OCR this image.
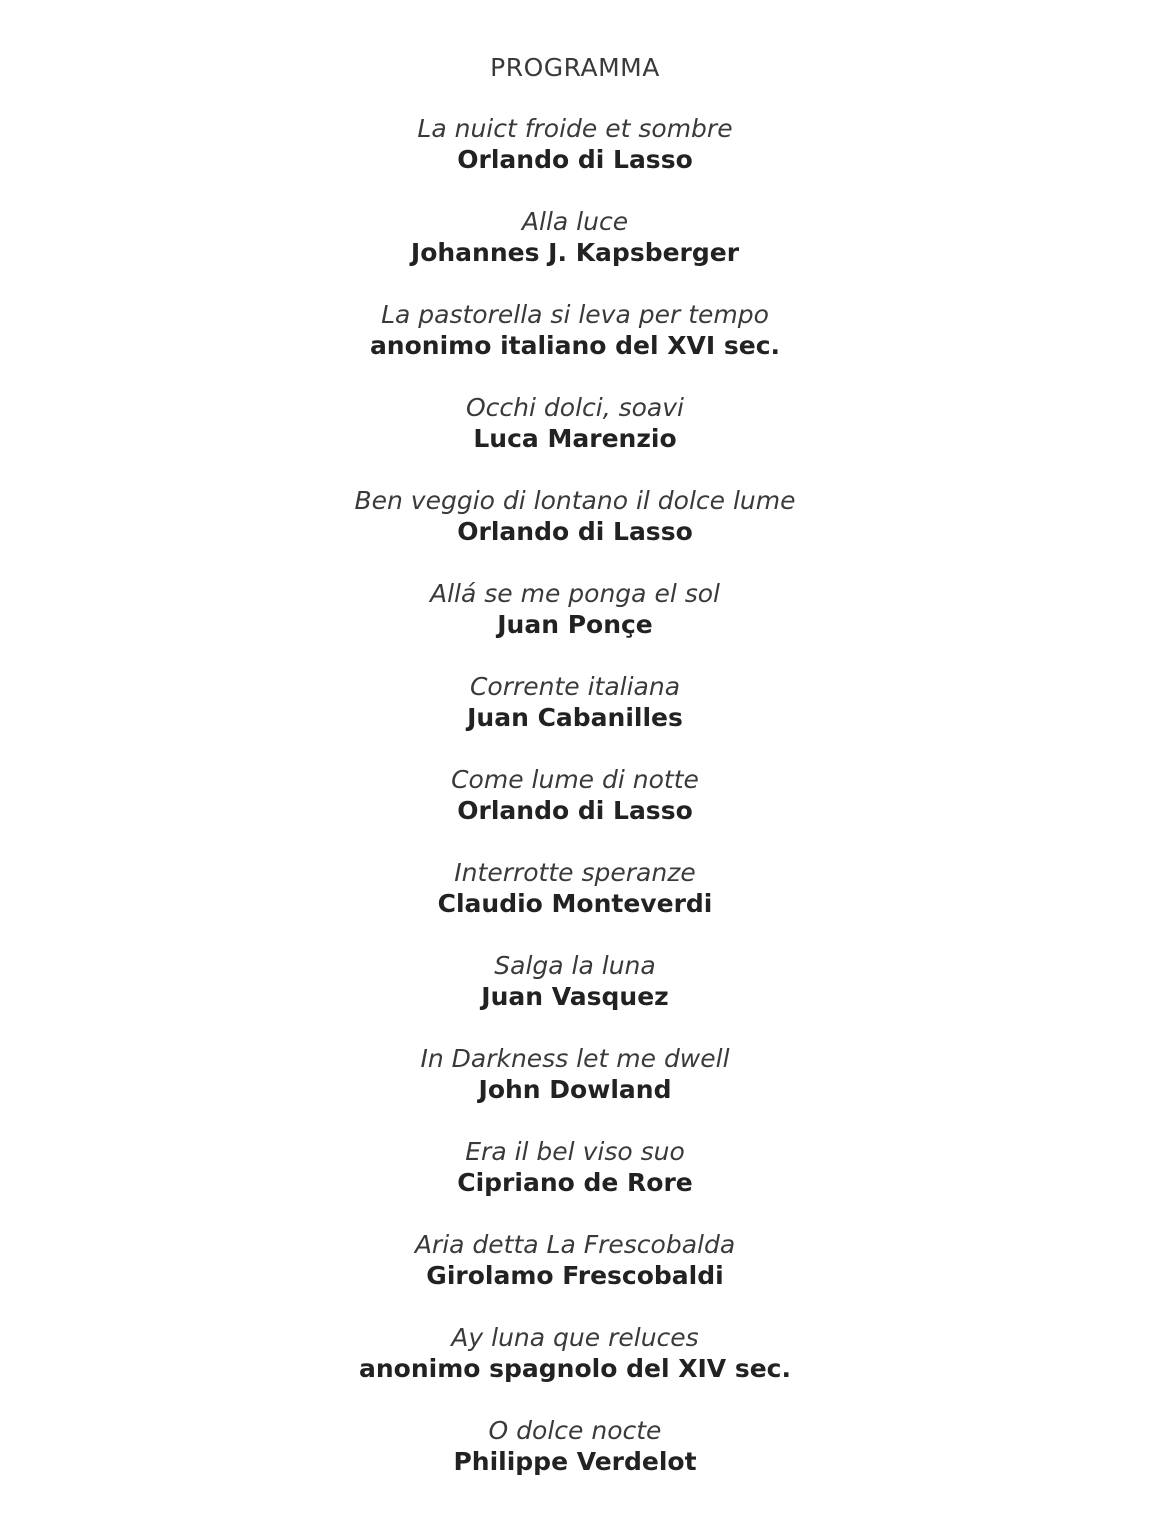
PROGRAMMA
La nuict froide et sombre
Orlando di Lasso
Alla luce
Johannes J. Kapsberger
La pastorella si leva per tempo
anonimo italiano del XVI sec.
Occhi dolci, soavi
Luca Marenzio
Ben veggio di lontano il dolce lume
Orlando di Lasso
Allá se me ponga el sol
Juan Ponçe
Corrente italiana
Juan Cabanilles
Come lume di notte
Orlando di Lasso
Interrotte speranze
Claudio Monteverdi
Salga la luna
Juan Vasquez
In Darkness let me dwell
John Dowland
Era il bel viso suo
Cipriano de Rore
Aria detta La Frescobalda
Girolamo Frescobaldi
Ay luna que reluces
anonimo spagnolo del XIV sec.
O dolce nocte
Philippe Verdelot
